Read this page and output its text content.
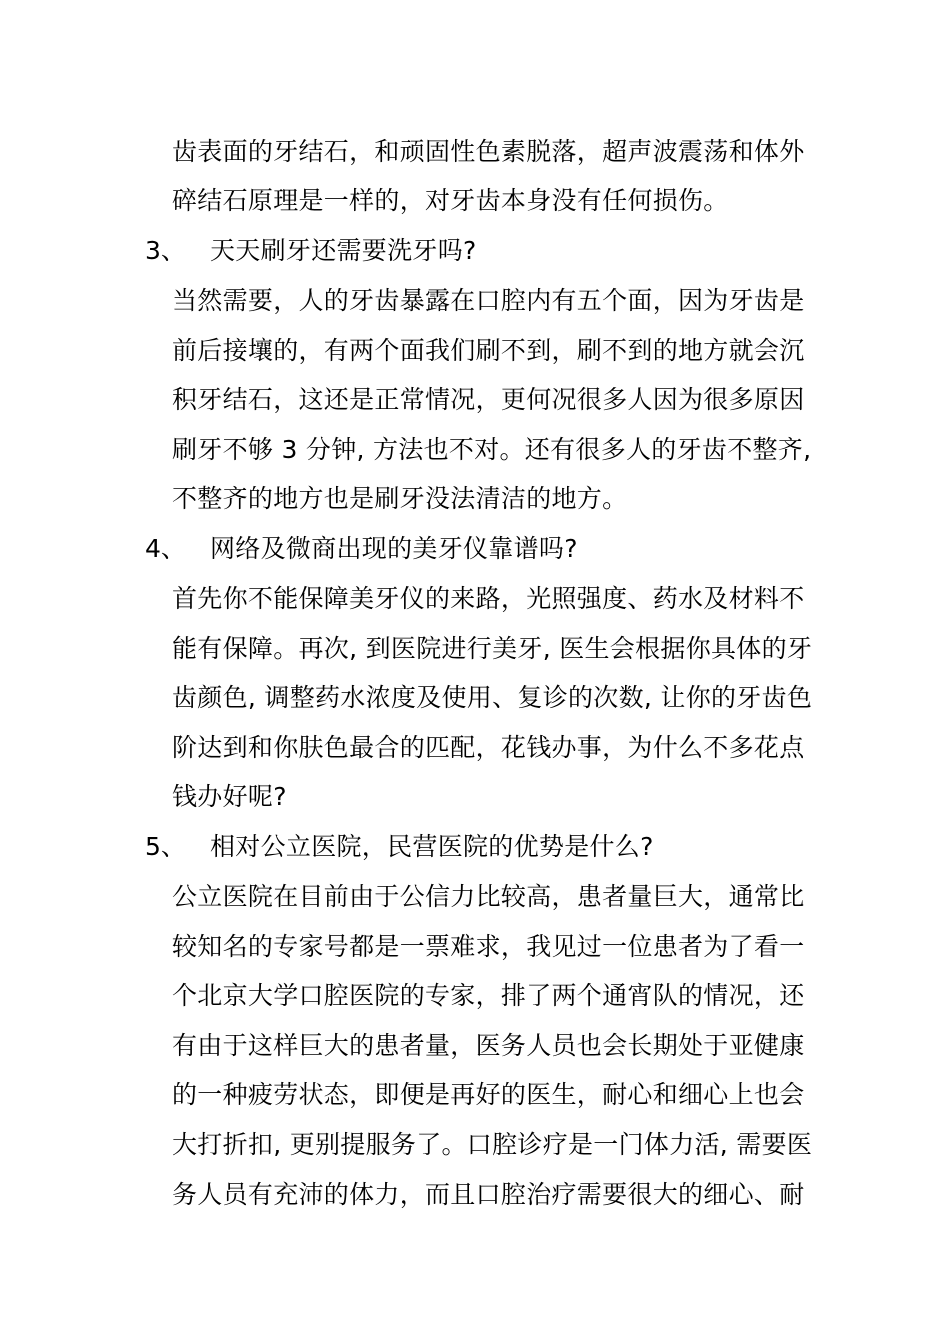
齿表面的牙结石，和顽固性色素脱落，超声波震荡和体外
碎结石原理是一样的，对牙齿本身没有任何损伤。
3、 天天刷牙还需要洗牙吗?
当然需要，人的牙齿暴露在口腔内有五个面，因为牙齿是
前后接壤的，有两个面我们刷不到，刷不到的地方就会沉
积牙结石，这还是正常情况，更何况很多人因为很多原因
刷牙不够 3 分钟, 方法也不对。还有很多人的牙齿不整齐,
不整齐的地方也是刷牙没法清洁的地方。
4、 网络及微商出现的美牙仪靠谱吗?
首先你不能保障美牙仪的来路，光照强度、药水及材料不
能有保障。再次, 到医院进行美牙, 医生会根据你具体的牙
齿颜色, 调整药水浓度及使用、复诊的次数, 让你的牙齿色
阶达到和你肤色最合的匹配，花钱办事，为什么不多花点
钱办好呢?
5、 相对公立医院，民营医院的优势是什么?
公立医院在目前由于公信力比较高，患者量巨大，通常比
较知名的专家号都是一票难求，我见过一位患者为了看一
个北京大学口腔医院的专家，排了两个通宵队的情况，还
有由于这样巨大的患者量，医务人员也会长期处于亚健康
的一种疲劳状态，即便是再好的医生，耐心和细心上也会
大打折扣, 更别提服务了。口腔诊疗是一门体力活, 需要医
务人员有充沛的体力，而且口腔治疗需要很大的细心、耐
